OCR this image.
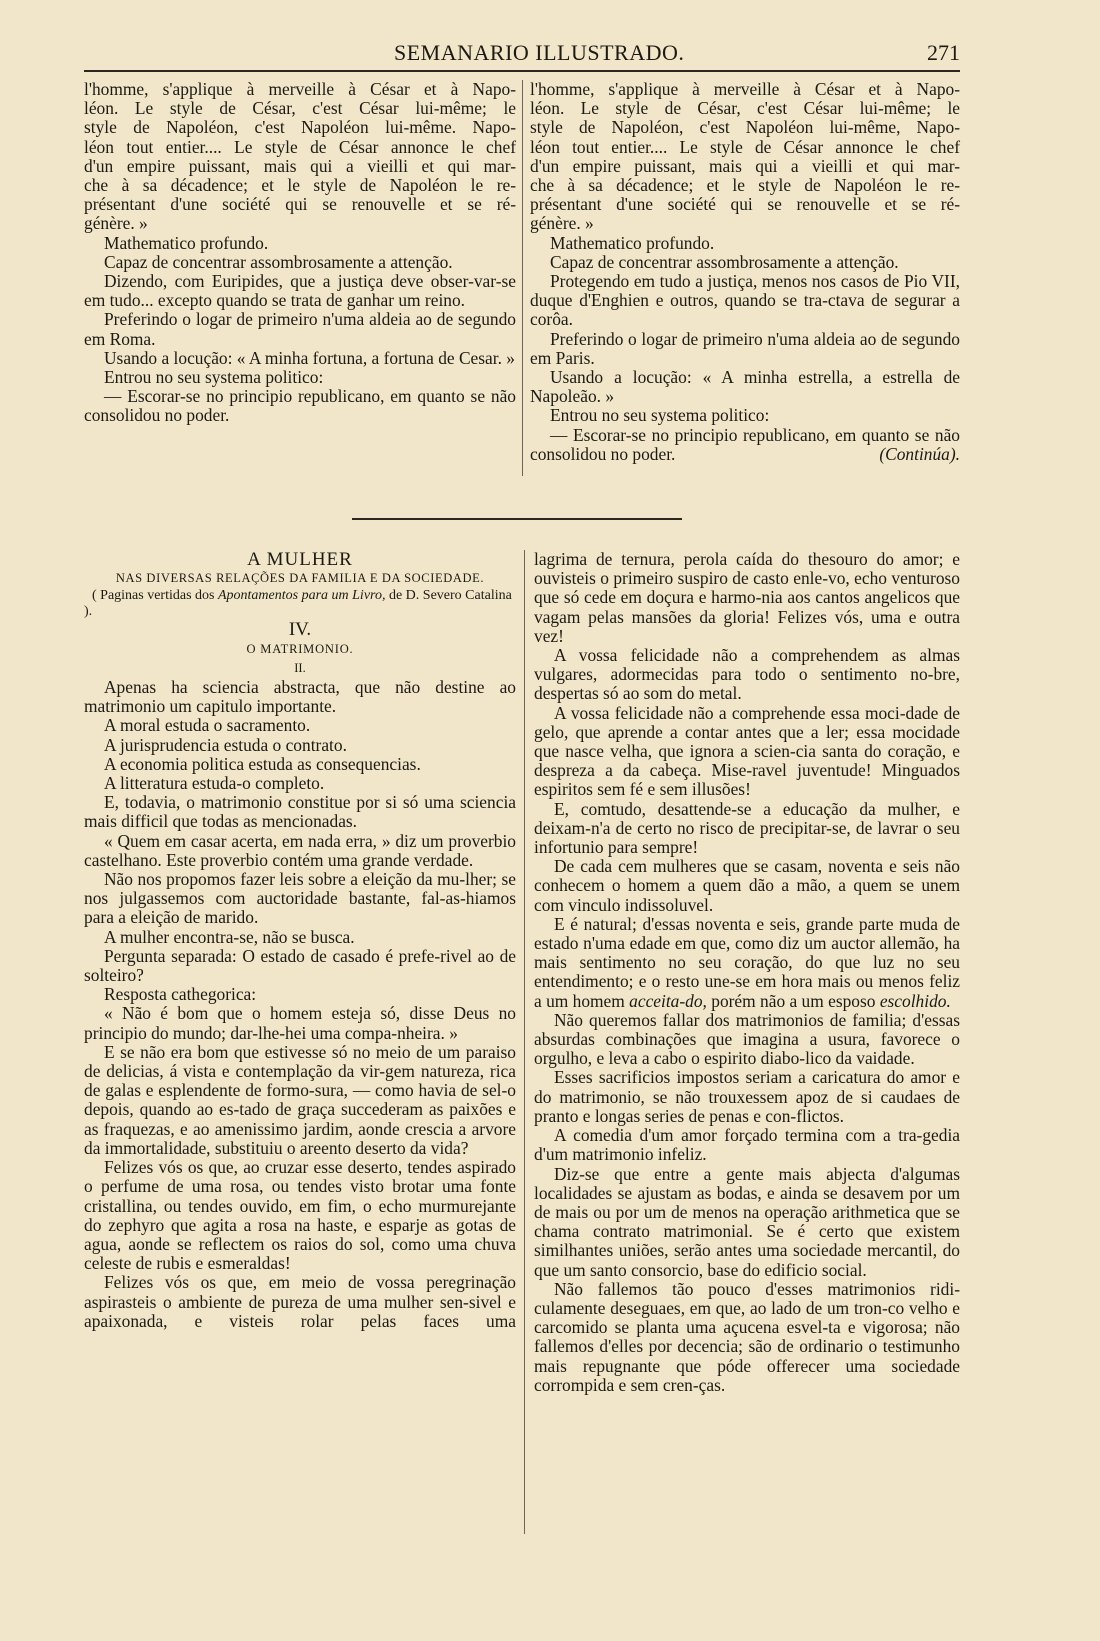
SEMANARIO ILLUSTRADO.	271

l'homme, s'applique à merveille à César et à Napo-

léon. Le style de César, c'est César lui-même; le

style de Napoléon, c'est Napoléon lui-même. Napo-

léon tout entier.... Le style de César annonce le chef

d'un empire puissant, mais qui a vieilli et qui mar-

che à sa décadence; et le style de Napoléon le re-

présentant d'une société qui se renouvelle et se ré-

génère. »

Mathematico profundo.

Capaz de concentrar assombrosamente a attenção.

Dizendo, com Euripides, que a justiça deve obser-var-se em tudo... excepto quando se trata de ganhar um reino.

Preferindo o logar de primeiro n'uma aldeia ao de segundo em Roma.

Usando a locução: « A minha fortuna, a fortuna de Cesar. »

Entrou no seu systema politico:

— Escorar-se no principio republicano, em quanto se não consolidou no poder.

l'homme, s'applique à merveille à César et à Napo-

léon. Le style de César, c'est César lui-même; le

style de Napoléon, c'est Napoléon lui-même, Napo-

léon tout entier.... Le style de César annonce le chef

d'un empire puissant, mais qui a vieilli et qui mar-

che à sa décadence; et le style de Napoléon le re-

présentant d'une société qui se renouvelle et se ré-

génère. »

Mathematico profundo.

Capaz de concentrar assombrosamente a attenção.

Protegendo em tudo a justiça, menos nos casos de Pio VII, duque d'Enghien e outros, quando se tra-ctava de segurar a corôa.

Preferindo o logar de primeiro n'uma aldeia ao de segundo em Paris.

Usando a locução: « A minha estrella, a estrella de Napoleão. »

Entrou no seu systema politico:

— Escorar-se no principio republicano, em quanto se não consolidou no poder.	(Continúa).

A MULHER

NAS DIVERSAS RELAÇÕES DA FAMILIA E DA SOCIEDADE.

( Paginas vertidas dos Apontamentos para um Livro, de D. Severo Catalina ).

IV.

O MATRIMONIO.

II.

Apenas ha sciencia abstracta, que não destine ao matrimonio um capitulo importante.

A moral estuda o sacramento.

A jurisprudencia estuda o contrato.

A economia politica estuda as consequencias.

A litteratura estuda-o completo.

E, todavia, o matrimonio constitue por si só uma sciencia mais difficil que todas as mencionadas.

« Quem em casar acerta, em nada erra, » diz um proverbio castelhano. Este proverbio contém uma grande verdade.

Não nos propomos fazer leis sobre a eleição da mu-lher; se nos julgassemos com auctoridade bastante, fal-as-hiamos para a eleição de marido.

A mulher encontra-se, não se busca.

Pergunta separada: O estado de casado é prefe-rivel ao de solteiro?

Resposta cathegorica:

« Não é bom que o homem esteja só, disse Deus no principio do mundo; dar-lhe-hei uma compa-nheira. »

E se não era bom que estivesse só no meio de um paraiso de delicias, á vista e contemplação da vir-gem natureza, rica de galas e esplendente de formo-sura, — como havia de sel-o depois, quando ao es-tado de graça succederam as paixões e as fraquezas, e ao amenissimo jardim, aonde crescia a arvore da immortalidade, substituiu o areento deserto da vida?

Felizes vós os que, ao cruzar esse deserto, tendes aspirado o perfume de uma rosa, ou tendes visto brotar uma fonte cristallina, ou tendes ouvido, em fim, o echo murmurejante do zephyro que agita a rosa na haste, e esparje as gotas de agua, aonde se reflectem os raios do sol, como uma chuva celeste de rubis e esmeraldas!

Felizes vós os que, em meio de vossa peregrinação aspirasteis o ambiente de pureza de uma mulher sen-sivel e apaixonada, e visteis rolar pelas faces uma

lagrima de ternura, perola caída do thesouro do amor; e ouvisteis o primeiro suspiro de casto enle-vo, echo venturoso que só cede em doçura e harmo-nia aos cantos angelicos que vagam pelas mansões da gloria! Felizes vós, uma e outra vez!

A vossa felicidade não a comprehendem as almas vulgares, adormecidas para todo o sentimento no-bre, despertas só ao som do metal.

A vossa felicidade não a comprehende essa moci-dade de gelo, que aprende a contar antes que a ler; essa mocidade que nasce velha, que ignora a scien-cia santa do coração, e despreza a da cabeça. Mise-ravel juventude! Minguados espiritos sem fé e sem illusões!

E, comtudo, desattende-se a educação da mulher, e deixam-n'a de certo no risco de precipitar-se, de lavrar o seu infortunio para sempre!

De cada cem mulheres que se casam, noventa e seis não conhecem o homem a quem dão a mão, a quem se unem com vinculo indissoluvel.

E é natural; d'essas noventa e seis, grande parte muda de estado n'uma edade em que, como diz um auctor allemão, ha mais sentimento no seu coração, do que luz no seu entendimento; e o resto une-se em hora mais ou menos feliz a um homem acceita-do, porém não a um esposo escolhido.

Não queremos fallar dos matrimonios de familia; d'essas absurdas combinações que imagina a usura, favorece o orgulho, e leva a cabo o espirito diabo-lico da vaidade.

Esses sacrificios impostos seriam a caricatura do amor e do matrimonio, se não trouxessem apoz de si caudaes de pranto e longas series de penas e con-flictos.

A comedia d'um amor forçado termina com a tra-gedia d'um matrimonio infeliz.

Diz-se que entre a gente mais abjecta d'algumas localidades se ajustam as bodas, e ainda se desavem por um de mais ou por um de menos na operação arithmetica que se chama contrato matrimonial. Se é certo que existem similhantes uniões, serão antes uma sociedade mercantil, do que um santo consorcio, base do edificio social.

Não fallemos tão pouco d'esses matrimonios ridi-culamente deseguaes, em que, ao lado de um tron-co velho e carcomido se planta uma açucena esvel-ta e vigorosa; não fallemos d'elles por decencia; são de ordinario o testimunho mais repugnante que póde offerecer uma sociedade corrompida e sem cren-ças.
